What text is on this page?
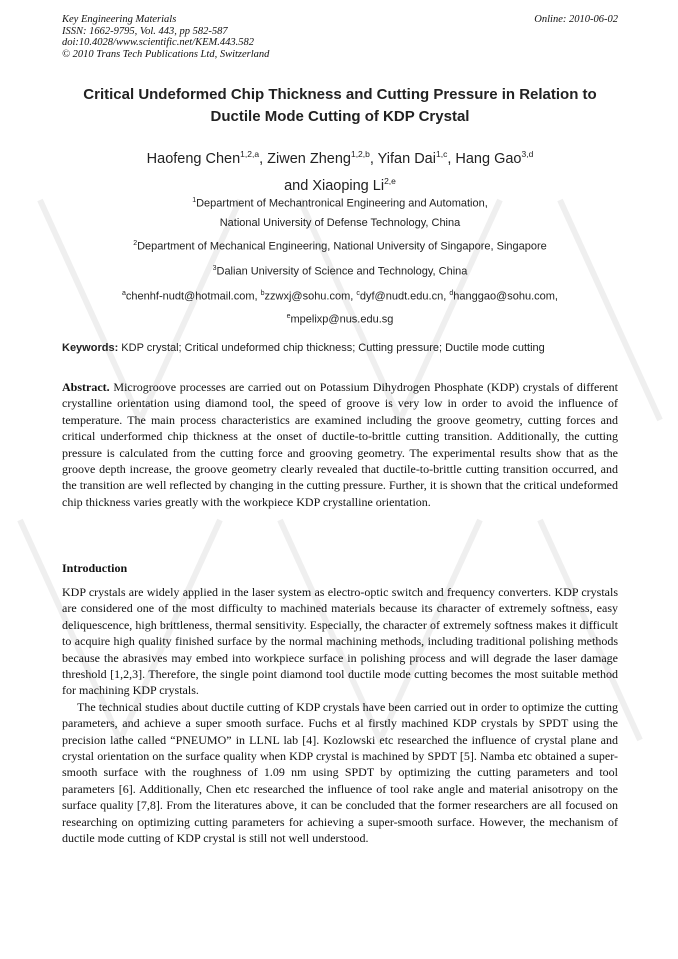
Key Engineering Materials
ISSN: 1662-9795, Vol. 443, pp 582-587
doi:10.4028/www.scientific.net/KEM.443.582
© 2010 Trans Tech Publications Ltd, Switzerland
Online: 2010-06-02
Critical Undeformed Chip Thickness and Cutting Pressure in Relation to
Ductile Mode Cutting of KDP Crystal
Haofeng Chen$^{1,2,a}$, Ziwen Zheng$^{1,2,b}$, Yifan Dai$^{1,c}$, Hang Gao$^{3,d}$
and Xiaoping Li$^{2,e}$
$^1$Department of Mechantronical Engineering and Automation,
National University of Defense Technology, China
$^2$Department of Mechanical Engineering, National University of Singapore, Singapore
$^3$Dalian University of Science and Technology, China
$^a$chenhf-nudt@hotmail.com, $^b$zzwxj@sohu.com, $^c$dyf@nudt.edu.cn, $^d$hanggao@sohu.com,
$^e$mpelixp@nus.edu.sg
Keywords: KDP crystal; Critical undeformed chip thickness; Cutting pressure; Ductile mode cutting
Abstract. Microgroove processes are carried out on Potassium Dihydrogen Phosphate (KDP) crystals of different crystalline orientation using diamond tool, the speed of groove is very low in order to avoid the influence of temperature. The main process characteristics are examined including the groove geometry, cutting forces and critical underformed chip thickness at the onset of ductile-to-brittle cutting transition. Additionally, the cutting pressure is calculated from the cutting force and grooving geometry. The experimental results show that as the groove depth increase, the groove geometry clearly revealed that ductile-to-brittle cutting transition occurred, and the transition are well reflected by changing in the cutting pressure. Further, it is shown that the critical undeformed chip thickness varies greatly with the workpiece KDP crystalline orientation.
Introduction

KDP crystals are widely applied in the laser system as electro-optic switch and frequency converters. KDP crystals are considered one of the most difficulty to machined materials because its character of extremely softness, easy deliquescence, high brittleness, thermal sensitivity. Especially, the character of extremely softness makes it difficult to acquire high quality finished surface by the normal machining methods, including traditional polishing methods because the abrasives may embed into workpiece surface in polishing process and will degrade the laser damage threshold [1,2,3]. Therefore, the single point diamond tool ductile mode cutting becomes the most suitable method for machining KDP crystals.

The technical studies about ductile cutting of KDP crystals have been carried out in order to optimize the cutting parameters, and achieve a super smooth surface. Fuchs et al firstly machined KDP crystals by SPDT using the precision lathe called “PNEUMO” in LLNL lab [4]. Kozlowski etc researched the influence of crystal plane and crystal orientation on the surface quality when KDP crystal is machined by SPDT [5]. Namba etc obtained a super-smooth surface with the roughness of 1.09 nm using SPDT by optimizing the cutting parameters and tool parameters [6]. Additionally, Chen etc researched the influence of tool rake angle and material anisotropy on the surface quality [7,8]. From the literatures above, it can be concluded that the former researchers are all focused on researching on optimizing cutting parameters for achieving a super-smooth surface. However, the mechanism of ductile mode cutting of KDP crystal is still not well understood.
